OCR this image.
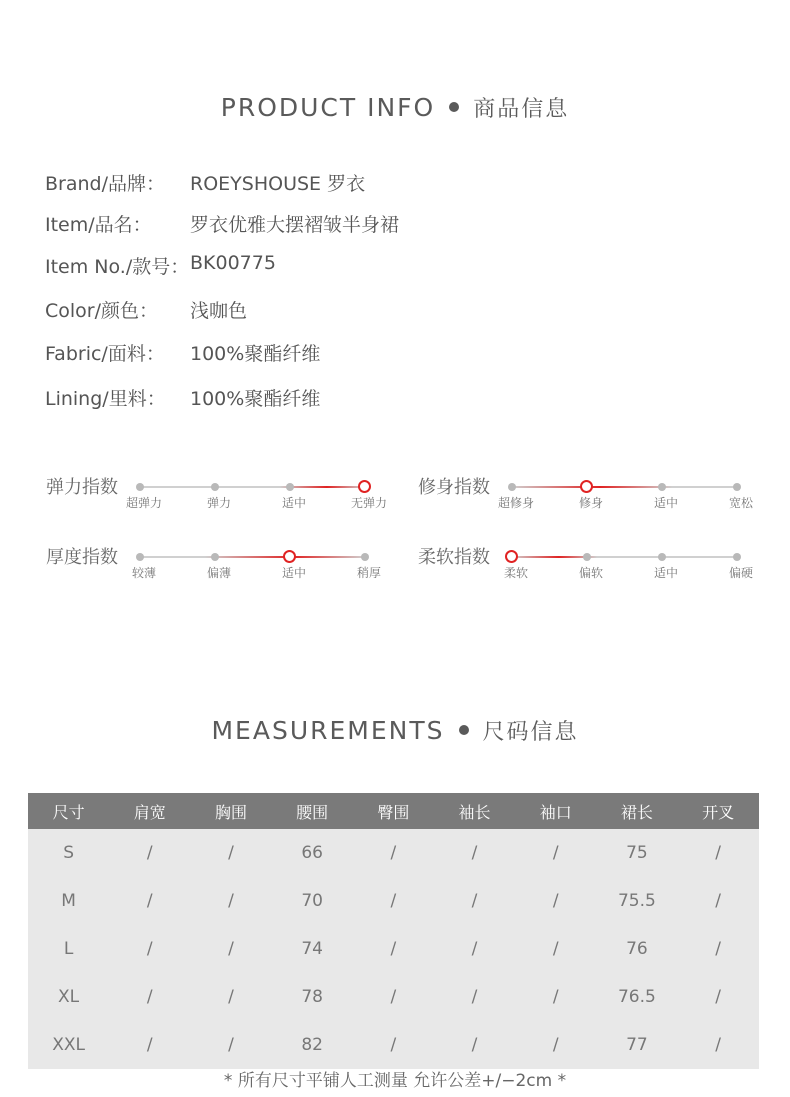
PRODUCT INFO 商品信息
Brand/品牌： ROEYSHOUSE 罗衣
Item/品名： 罗衣优雅大摆褶皱半身裙
Item No./款号： BK00775
Color/颜色： 浅咖色
Fabric/面料： 100%聚酯纤维
Lining/里料： 100%聚酯纤维
弹力指数
超弹力	弹力	适中	无弹力
修身指数
超修身	修身	适中	宽松
厚度指数
较薄	偏薄	适中	稍厚
柔软指数
柔软	偏软	适中	偏硬
MEASUREMENTS 尺码信息
尺寸	肩宽	胸围	腰围	臀围	袖长	袖口	裙长	开叉
S	/	/	66	/	/	/	75	/
M	/	/	70	/	/	/	75.5	/
L	/	/	74	/	/	/	76	/
XL	/	/	78	/	/	/	76.5	/
XXL	/	/	82	/	/	/	77	/
* 所有尺寸平铺人工测量 允许公差+/−2cm *
